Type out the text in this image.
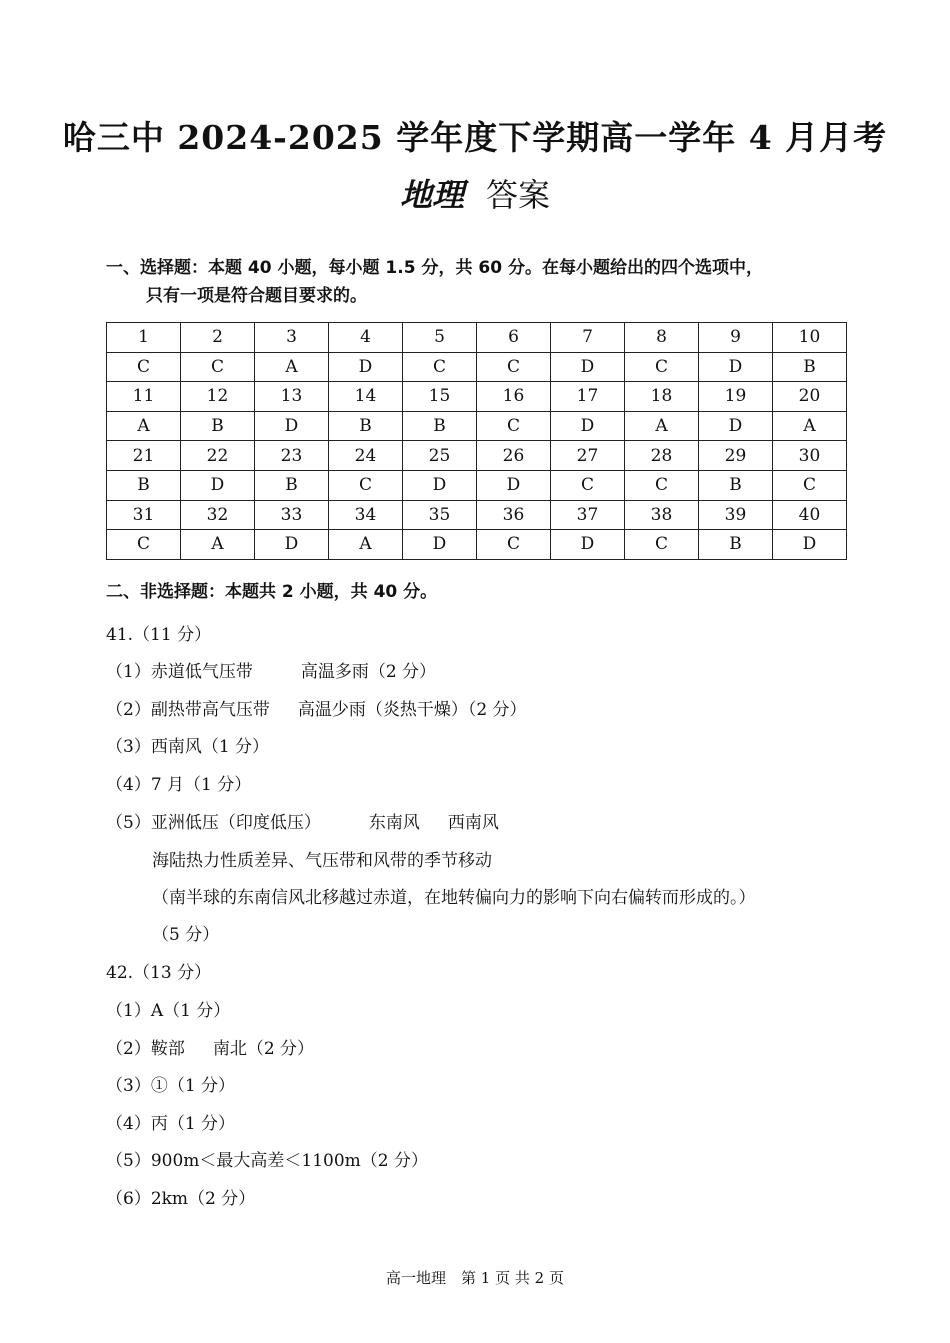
哈三中 2024-2025 学年度下学期高一学年 4 月月考
地理 答案
一、选择题：本题 40 小题，每小题 1.5 分，共 60 分。在每小题给出的四个选项中，
只有一项是符合题目要求的。
1	2	3	4	5	6	7	8	9	10
C	C	A	D	C	C	D	C	D	B
11	12	13	14	15	16	17	18	19	20
A	B	D	B	B	C	D	A	D	A
21	22	23	24	25	26	27	28	29	30
B	D	B	C	D	D	C	C	B	C
31	32	33	34	35	36	37	38	39	40
C	A	D	A	D	C	D	C	B	D
二、非选择题：本题共 2 小题，共 40 分。
41.（11 分）
（1）赤道低气压带	高温多雨（2 分）
（2）副热带高气压带 高温少雨（炎热干燥）（2 分）
（3）西南风（1 分）
（4）7 月（1 分）
（5）亚洲低压（印度低压）	东南风 西南风
海陆热力性质差异、气压带和风带的季节移动
（南半球的东南信风北移越过赤道，在地转偏向力的影响下向右偏转而形成的。）
（5 分）
42.（13 分）
（1）A（1 分）
（2）鞍部 南北（2 分）
（3）①（1 分）
（4）丙（1 分）
（5）900m＜最大高差＜1100m（2 分）
（6）2km（2 分）
高一地理　第 1 页 共 2 页
